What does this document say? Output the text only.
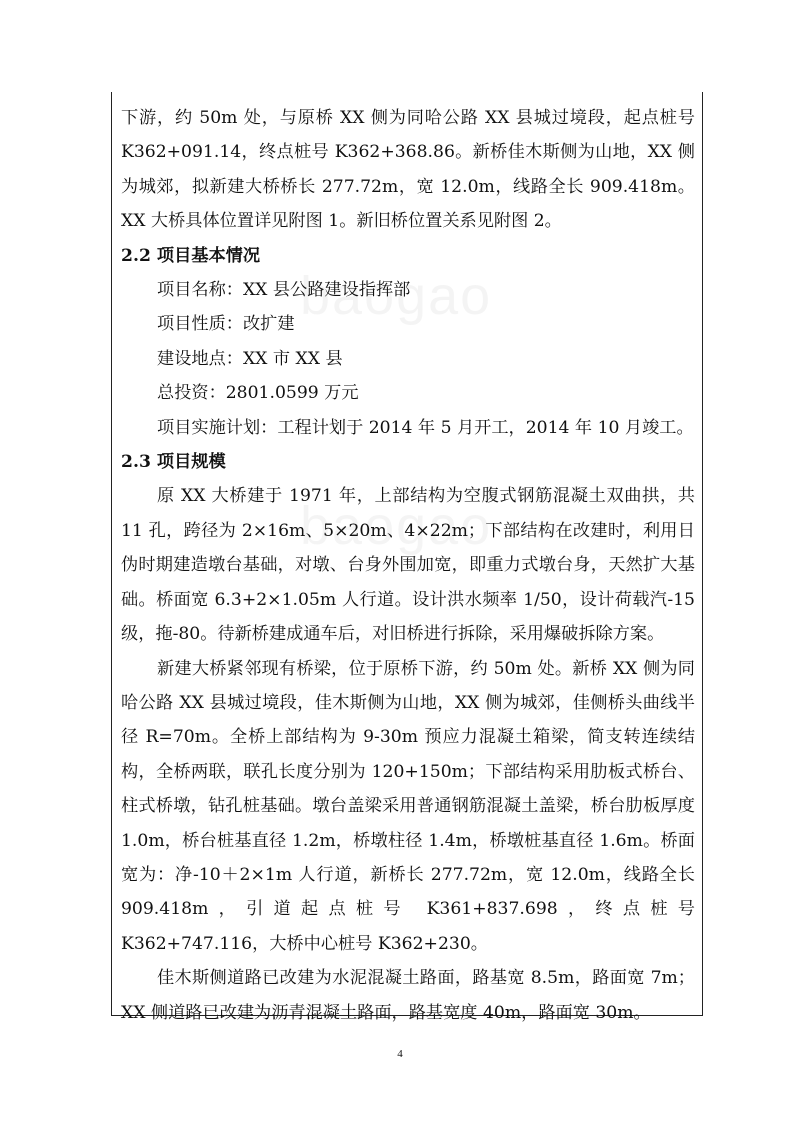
下游，约 50m 处，与原桥 XX 侧为同哈公路 XX 县城过境段，起点桩号 K362+091.14，终点桩号 K362+368.86。新桥佳木斯侧为山地，XX 侧为城郊，拟新建大桥桥长 277.72m，宽 12.0m，线路全长 909.418m。XX 大桥具体位置详见附图 1。新旧桥位置关系见附图 2。

2.2 项目基本情况

项目名称：XX 县公路建设指挥部

项目性质：改扩建

建设地点：XX 市 XX 县

总投资：2801.0599 万元

项目实施计划：工程计划于 2014 年 5 月开工，2014 年 10 月竣工。

2.3 项目规模

原 XX 大桥建于 1971 年，上部结构为空腹式钢筋混凝土双曲拱，共 11 孔，跨径为 2×16m、5×20m、4×22m；下部结构在改建时，利用日伪时期建造墩台基础，对墩、台身外围加宽，即重力式墩台身，天然扩大基础。桥面宽 6.3+2×1.05m 人行道。设计洪水频率 1/50，设计荷载汽-15 级，拖-80。待新桥建成通车后，对旧桥进行拆除，采用爆破拆除方案。

新建大桥紧邻现有桥梁，位于原桥下游，约 50m 处。新桥 XX 侧为同哈公路 XX 县城过境段，佳木斯侧为山地，XX 侧为城郊，佳侧桥头曲线半径 R=70m。全桥上部结构为 9-30m 预应力混凝土箱梁，简支转连续结构，全桥两联，联孔长度分别为 120+150m；下部结构采用肋板式桥台、柱式桥墩，钻孔桩基础。墩台盖梁采用普通钢筋混凝土盖梁，桥台肋板厚度 1.0m，桥台桩基直径 1.2m，桥墩柱径 1.4m，桥墩桩基直径 1.6m。桥面宽为：净-10＋2×1m 人行道，新桥长 277.72m，宽 12.0m，线路全长 909.418m，引道起点桩号 K361+837.698，终点桩号 K362+747.116，大桥中心桩号 K362+230。

佳木斯侧道路已改建为水泥混凝土路面，路基宽 8.5m，路面宽 7m；XX 侧道路已改建为沥青混凝土路面，路基宽度 40m，路面宽 30m。

4
